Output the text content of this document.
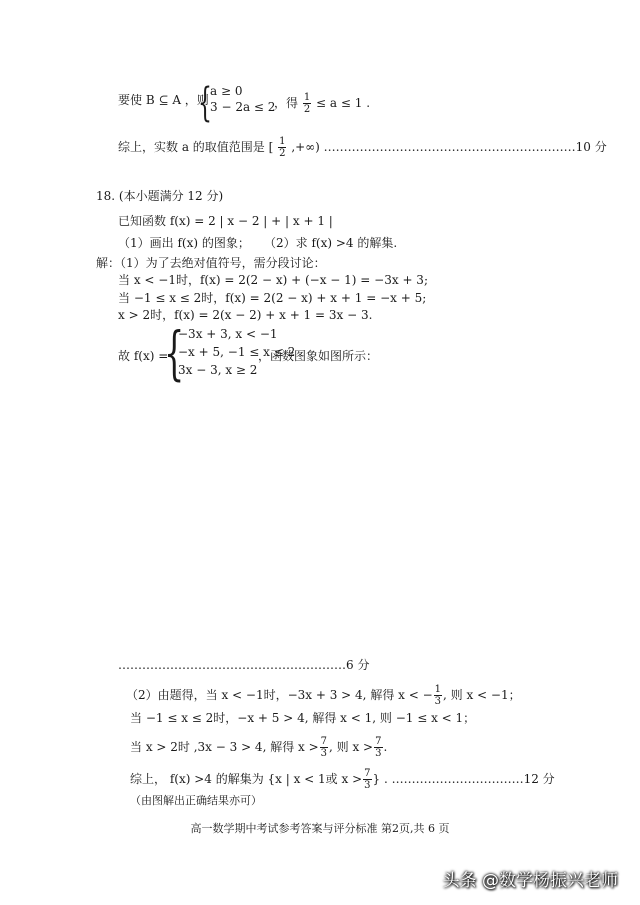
要使 B ⊆ A ，则
{
a ≥ 0
3 − 2a ≤ 2
，得 $\frac{1}{2} \le a \le 1$ .
综上，实数 a 的取值范围是 [ $\frac{1}{2}$ ,+∞) ………………………………………………………10 分
18. (本小题满分 12 分)
已知函数 f(x) = 2 | x − 2 | + | x + 1 |
（1）画出 f(x) 的图象； （2）求 f(x) >4 的解集.
解：（1）为了去绝对值符号，需分段讨论：
当 x < −1时，f(x) = 2(2 − x) + (−x − 1) = −3x + 3;
当 −1 ≤ x ≤ 2时，f(x) = 2(2 − x) + x + 1 = −x + 5;
x > 2时，f(x) = 2(x − 2) + x + 1 = 3x − 3.
故 f(x) =
{
−3x + 3, x < −1
−x + 5, −1 ≤ x ≤ 2
3x − 3, x ≥ 2
，函数图象如图所示：
…………………………………………………6 分
（2）由题得，当 x < −1时，−3x + 3 > 4, 解得 x < − $\frac{1}{3}$ , 则 x < −1；
当 −1 ≤ x ≤ 2时，−x + 5 > 4, 解得 x < 1, 则 −1 ≤ x < 1；
当 x > 2时 ,3x − 3 > 4, 解得 $x > \frac{7}{3}$ , 则 $x > \frac{7}{3}$ .
综上， f(x) >4 的解集为 {x | x < 1或 $x > \frac{7}{3}$ } . ……………………………12 分
（由图解出正确结果亦可）
高一数学期中考试参考答案与评分标准 第2页,共 6 页
头条 @数学杨振兴老师
